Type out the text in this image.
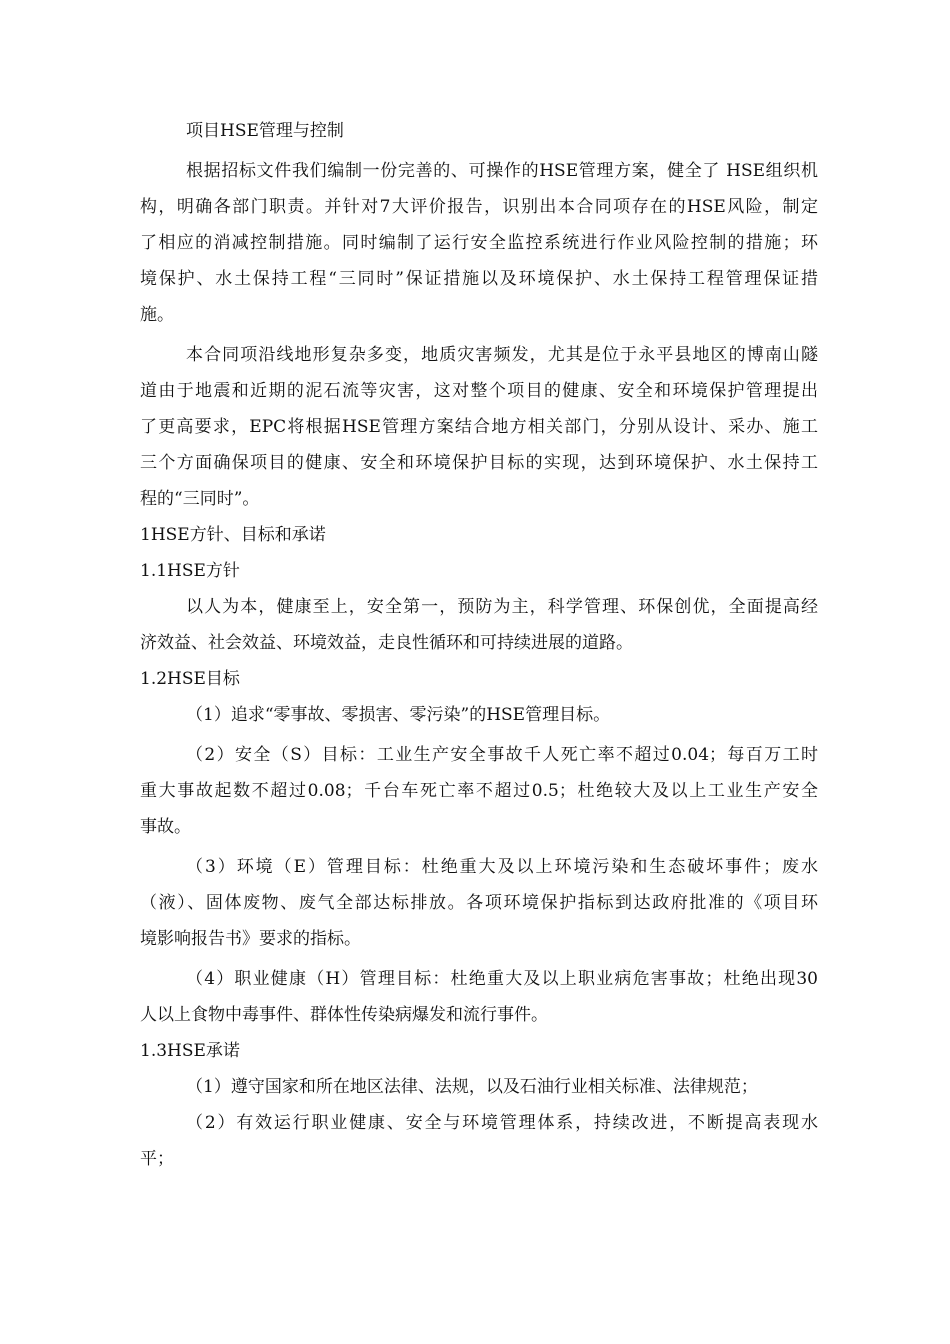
项目HSE管理与控制
根据招标文件我们编制一份完善的、可操作的HSE管理方案，健全了 HSE组织机
构，明确各部门职责。并针对7大评价报告，识别出本合同项存在的HSE风险，制定
了相应的消减控制措施。同时编制了运行安全监控系统进行作业风险控制的措施；环
境保护、水土保持工程“三同时”保证措施以及环境保护、水土保持工程管理保证措
施。
本合同项沿线地形复杂多变，地质灾害频发，尤其是位于永平县地区的博南山隧
道由于地震和近期的泥石流等灾害，这对整个项目的健康、安全和环境保护管理提出
了更高要求，EPC将根据HSE管理方案结合地方相关部门，分别从设计、采办、施工
三个方面确保项目的健康、安全和环境保护目标的实现，达到环境保护、水土保持工
程的“三同时”。
1HSE方针、目标和承诺
1.1HSE方针
以人为本，健康至上，安全第一，预防为主，科学管理、环保创优，全面提高经
济效益、社会效益、环境效益，走良性循环和可持续进展的道路。
1.2HSE目标
（1）追求“零事故、零损害、零污染”的HSE管理目标。
（2）安全（S）目标：工业生产安全事故千人死亡率不超过0.04；每百万工时
重大事故起数不超过0.08；千台车死亡率不超过0.5；杜绝较大及以上工业生产安全
事故。
（3）环境（E）管理目标：杜绝重大及以上环境污染和生态破坏事件；废水
（液）、固体废物、废气全部达标排放。各项环境保护指标到达政府批准的《项目环
境影响报告书》要求的指标。
（4）职业健康（H）管理目标：杜绝重大及以上职业病危害事故；杜绝出现30
人以上食物中毒事件、群体性传染病爆发和流行事件。
1.3HSE承诺
（1）遵守国家和所在地区法律、法规，以及石油行业相关标准、法律规范；
（2）有效运行职业健康、安全与环境管理体系，持续改进，不断提高表现水
平；
